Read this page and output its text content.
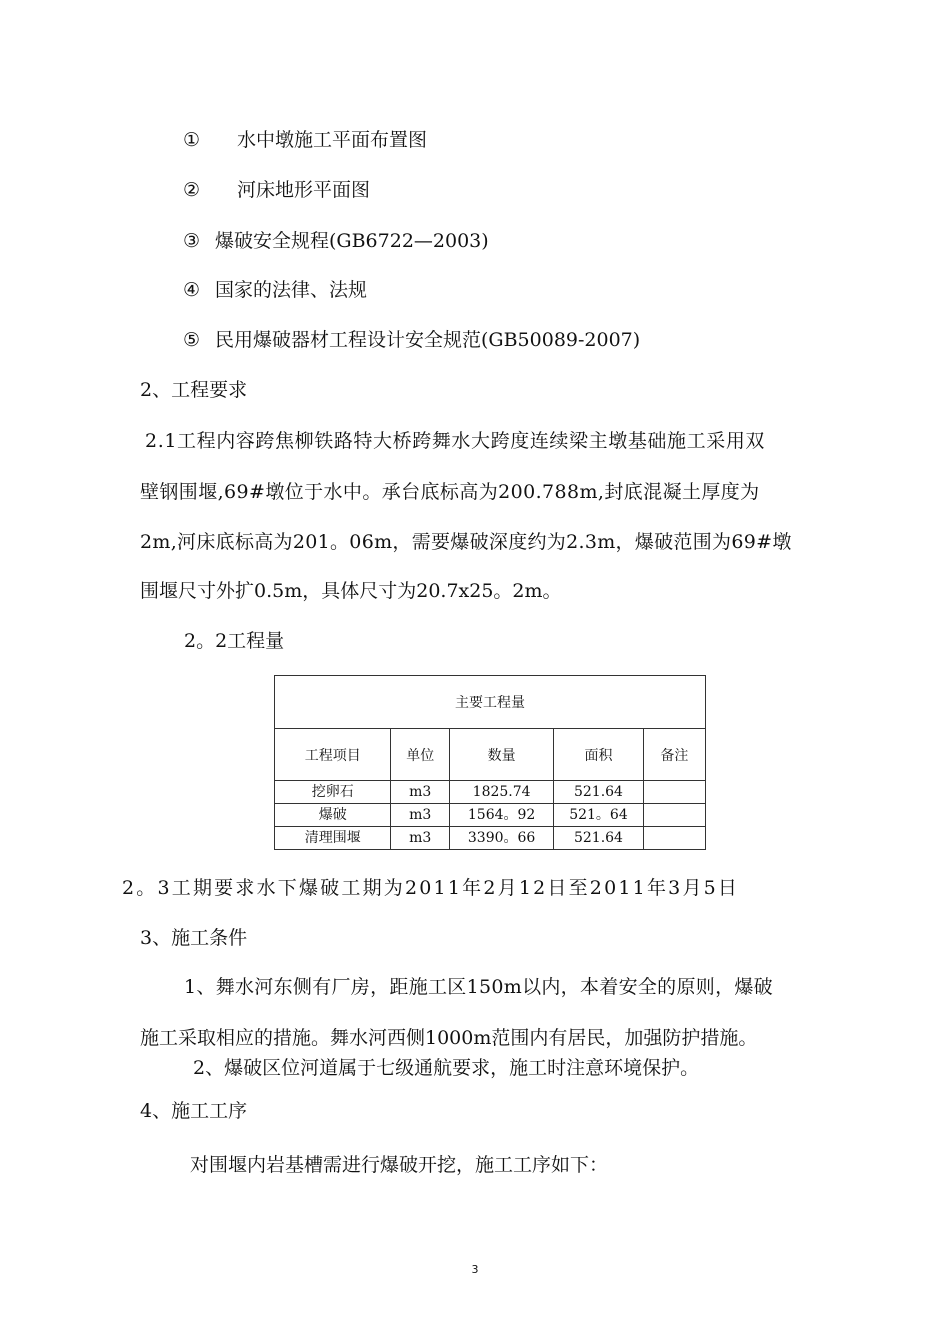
① 水中墩施工平面布置图
② 河床地形平面图
③ 爆破安全规程(GB6722—2003)
④ 国家的法律、法规
⑤ 民用爆破器材工程设计安全规范(GB50089-2007)
2、工程要求
2.1工程内容跨焦柳铁路特大桥跨舞水大跨度连续梁主墩基础施工采用双
壁钢围堰,69#墩位于水中。承台底标高为200.788m,封底混凝土厚度为
2m,河床底标高为201。06m，需要爆破深度约为2.3m，爆破范围为69#墩
围堰尺寸外扩0.5m，具体尺寸为20.7x25。2m。
2。2工程量
主要工程量				
工程项目	单位	数量	面积	备注
挖卵石	m3	1825.74	521.64	
爆破	m3	1564。92	521。64	
清理围堰	m3	3390。66	521.64	
2。3工期要求水下爆破工期为2011年2月12日至2011年3月5日
3、施工条件
1、舞水河东侧有厂房，距施工区150m以内，本着安全的原则，爆破
施工采取相应的措施。舞水河西侧1000m范围内有居民，加强防护措施。
2、爆破区位河道属于七级通航要求，施工时注意环境保护。
4、施工工序
对围堰内岩基槽需进行爆破开挖，施工工序如下：
3
